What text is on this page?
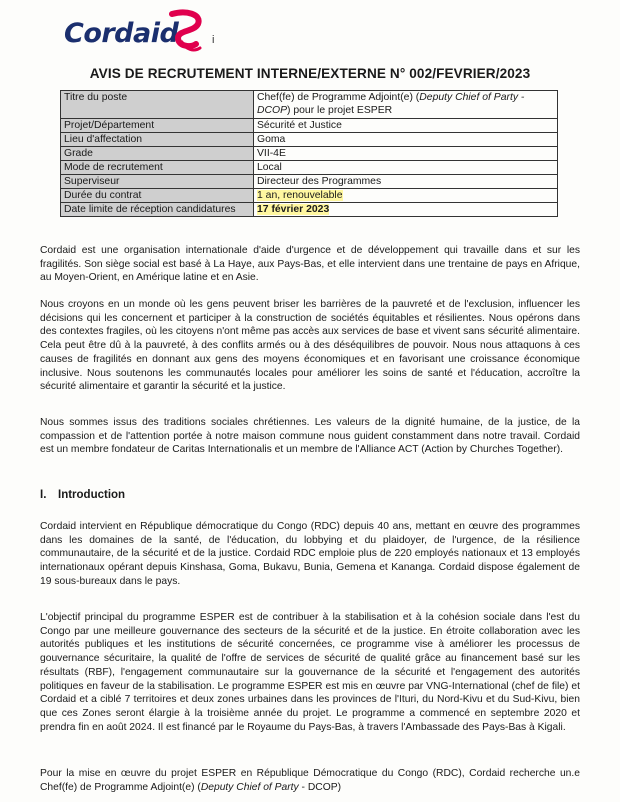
Cordaid	i
AVIS DE RECRUTEMENT INTERNE/EXTERNE N° 002/FEVRIER/2023
Titre du poste	Chef(fe) de Programme Adjoint(e) (Deputy Chief of Party - DCOP) pour le projet ESPER
Projet/Département	Sécurité et Justice
Lieu d'affectation	Goma
Grade	VII-4E
Mode de recrutement	Local
Superviseur	Directeur des Programmes
Durée du contrat	1 an, renouvelable
Date limite de réception candidatures	17 février 2023

Cordaid est une organisation internationale d'aide d'urgence et de développement qui travaille dans et sur les fragilités. Son siège social est basé à La Haye, aux Pays-Bas, et elle intervient dans une trentaine de pays en Afrique, au Moyen-Orient, en Amérique latine et en Asie.

Nous croyons en un monde où les gens peuvent briser les barrières de la pauvreté et de l'exclusion, influencer les décisions qui les concernent et participer à la construction de sociétés équitables et résilientes. Nous opérons dans des contextes fragiles, où les citoyens n'ont même pas accès aux services de base et vivent sans sécurité alimentaire. Cela peut être dû à la pauvreté, à des conflits armés ou à des déséquilibres de pouvoir. Nous nous attaquons à ces causes de fragilités en donnant aux gens des moyens économiques et en favorisant une croissance économique inclusive. Nous soutenons les communautés locales pour améliorer les soins de santé et l'éducation, accroître la sécurité alimentaire et garantir la sécurité et la justice.

Nous sommes issus des traditions sociales chrétiennes. Les valeurs de la dignité humaine, de la justice, de la compassion et de l'attention portée à notre maison commune nous guident constamment dans notre travail. Cordaid est un membre fondateur de Caritas Internationalis et un membre de l'Alliance ACT (Action by Churches Together).

I. Introduction

Cordaid intervient en République démocratique du Congo (RDC) depuis 40 ans, mettant en œuvre des programmes dans les domaines de la santé, de l'éducation, du lobbying et du plaidoyer, de l'urgence, de la résilience communautaire, de la sécurité et de la justice. Cordaid RDC emploie plus de 220 employés nationaux et 13 employés internationaux opérant depuis Kinshasa, Goma, Bukavu, Bunia, Gemena et Kananga. Cordaid dispose également de 19 sous-bureaux dans le pays.

L'objectif principal du programme ESPER est de contribuer à la stabilisation et à la cohésion sociale dans l'est du Congo par une meilleure gouvernance des secteurs de la sécurité et de la justice. En étroite collaboration avec les autorités publiques et les institutions de sécurité concernées, ce programme vise à améliorer les processus de gouvernance sécuritaire, la qualité de l'offre de services de sécurité de qualité grâce au financement basé sur les résultats (RBF), l'engagement communautaire sur la gouvernance de la sécurité et l'engagement des autorités politiques en faveur de la stabilisation. Le programme ESPER est mis en œuvre par VNG-International (chef de file) et Cordaid et a ciblé 7 territoires et deux zones urbaines dans les provinces de l'Ituri, du Nord-Kivu et du Sud-Kivu, bien que ces Zones seront élargie à la troisième année du projet. Le programme a commencé en septembre 2020 et prendra fin en août 2024. Il est financé par le Royaume du Pays-Bas, à travers l'Ambassade des Pays-Bas à Kigali.

Pour la mise en œuvre du projet ESPER en République Démocratique du Congo (RDC), Cordaid recherche un.e Chef(fe) de Programme Adjoint(e) (Deputy Chief of Party - DCOP)
